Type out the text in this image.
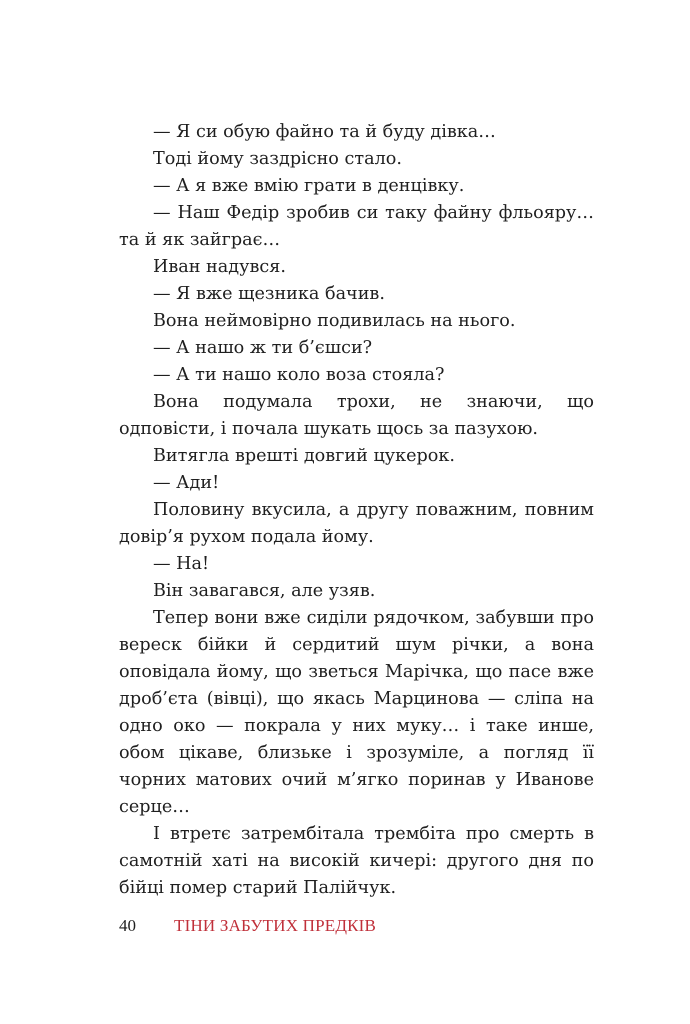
— Я си обую файно та й буду дівка…

Тоді йому заздрісно стало.

— А я вже вмію грати в денцівку.

— Наш Федір зробив си таку файну фльояру… та й як зайграє…

Иван надувся.

— Я вже щезника бачив.

Вона неймовірно подивилась на нього.

— А нашо ж ти б’єшси?

— А ти нашо коло воза стояла?

Вона подумала трохи, не знаючи, що одповісти, і почала шукать щось за пазухою.

Витягла врешті довгий цукерок.

— Ади!

Половину вкусила, а другу поважним, повним довір’я рухом подала йому.

— На!

Він завагався, але узяв.

Тепер вони вже сиділи рядочком, забувши про вереск бійки й сердитий шум річки, а вона оповідала йому, що зветься Марічка, що пасе вже дроб’єта (вівці), що якась Марцинова — сліпа на одно око — покрала у них муку… і таке инше, обом цікаве, близьке і зрозуміле, а погляд її чорних матових очий м’ягко поринав у Иванове серце…

І втретє затрембітала трембіта про смерть в самотній хаті на високій кичері: другого дня по бійці помер старий Палійчук.

40	ТІНИ ЗАБУТИХ ПРЕДКІВ
